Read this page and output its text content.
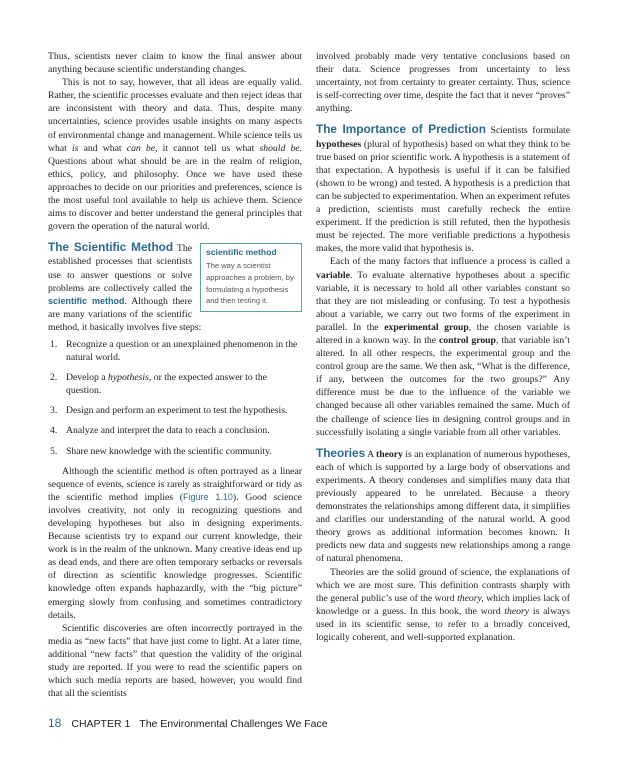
Thus, scientists never claim to know the final answer about anything because scientific understanding changes.

This is not to say, however, that all ideas are equally valid. Rather, the scientific processes evaluate and then reject ideas that are inconsistent with theory and data. Thus, despite many uncertainties, science provides usable insights on many aspects of environmental change and management. While science tells us what is and what can be, it cannot tell us what should be. Questions about what should be are in the realm of religion, ethics, policy, and philosophy. Once we have used these approaches to decide on our priorities and preferences, science is the most useful tool available to help us achieve them. Science aims to discover and better understand the general principles that govern the operation of the natural world.

The Scientific Method	scientific method
The way a scientist approaches a problem, by formulating a hypothesis and then testing it.
The established processes that scientists use to answer questions or solve problems are collectively called the scientific method. Although there are many variations of the scientific method, it basically involves five steps:

1. Recognize a question or an unexplained phenomenon in the natural world.
2. Develop a hypothesis, or the expected answer to the question.
3. Design and perform an experiment to test the hypothesis.
4. Analyze and interpret the data to reach a conclusion.
5. Share new knowledge with the scientific community.

Although the scientific method is often portrayed as a linear sequence of events, science is rarely as straightforward or tidy as the scientific method implies (Figure 1.10). Good science involves creativity, not only in recognizing questions and developing hypotheses but also in designing experiments. Because scientists try to expand our current knowledge, their work is in the realm of the unknown. Many creative ideas end up as dead ends, and there are often temporary setbacks or reversals of direction as scientific knowledge progresses. Scientific knowledge often expands haphazardly, with the “big picture” emerging slowly from confusing and sometimes contradictory details.

Scientific discoveries are often incorrectly portrayed in the media as “new facts” that have just come to light. At a later time, additional “new facts” that question the validity of the original study are reported. If you were to read the scientific papers on which such media reports are based, however, you would find that all the scientists

involved probably made very tentative conclusions based on their data. Science progresses from uncertainty to less uncertainty, not from certainty to greater certainty. Thus, science is self-correcting over time, despite the fact that it never “proves” anything.

The Importance of Prediction Scientists formulate hypotheses (plural of hypothesis) based on what they think to be true based on prior scientific work. A hypothesis is a statement of that expectation. A hypothesis is useful if it can be falsified (shown to be wrong) and tested. A hypothesis is a prediction that can be subjected to experimentation. When an experiment refutes a prediction, scientists must carefully recheck the entire experiment. If the prediction is still refuted, then the hypothesis must be rejected. The more verifiable predictions a hypothesis makes, the more valid that hypothesis is.

Each of the many factors that influence a process is called a variable. To evaluate alternative hypotheses about a specific variable, it is necessary to hold all other variables constant so that they are not misleading or confusing. To test a hypothesis about a variable, we carry out two forms of the experiment in parallel. In the experimental group, the chosen variable is altered in a known way. In the control group, that variable isn’t altered. In all other respects, the experimental group and the control group are the same. We then ask, “What is the difference, if any, between the outcomes for the two groups?” Any difference must be due to the influence of the variable we changed because all other variables remained the same. Much of the challenge of science lies in designing control groups and in successfully isolating a single variable from all other variables.

Theories A theory is an explanation of numerous hypotheses, each of which is supported by a large body of observations and experiments. A theory condenses and simplifies many data that previously appeared to be unrelated. Because a theory demonstrates the relationships among different data, it simplifies and clarifies our understanding of the natural world. A good theory grows as additional information becomes known. It predicts new data and suggests new relationships among a range of natural phenomena.

Theories are the solid ground of science, the explanations of which we are most sure. This definition contrasts sharply with the general public’s use of the word theory, which implies lack of knowledge or a guess. In this book, the word theory is always used in its scientific sense, to refer to a broadly conceived, logically coherent, and well-supported explanation.

18 CHAPTER 1 The Environmental Challenges We Face
